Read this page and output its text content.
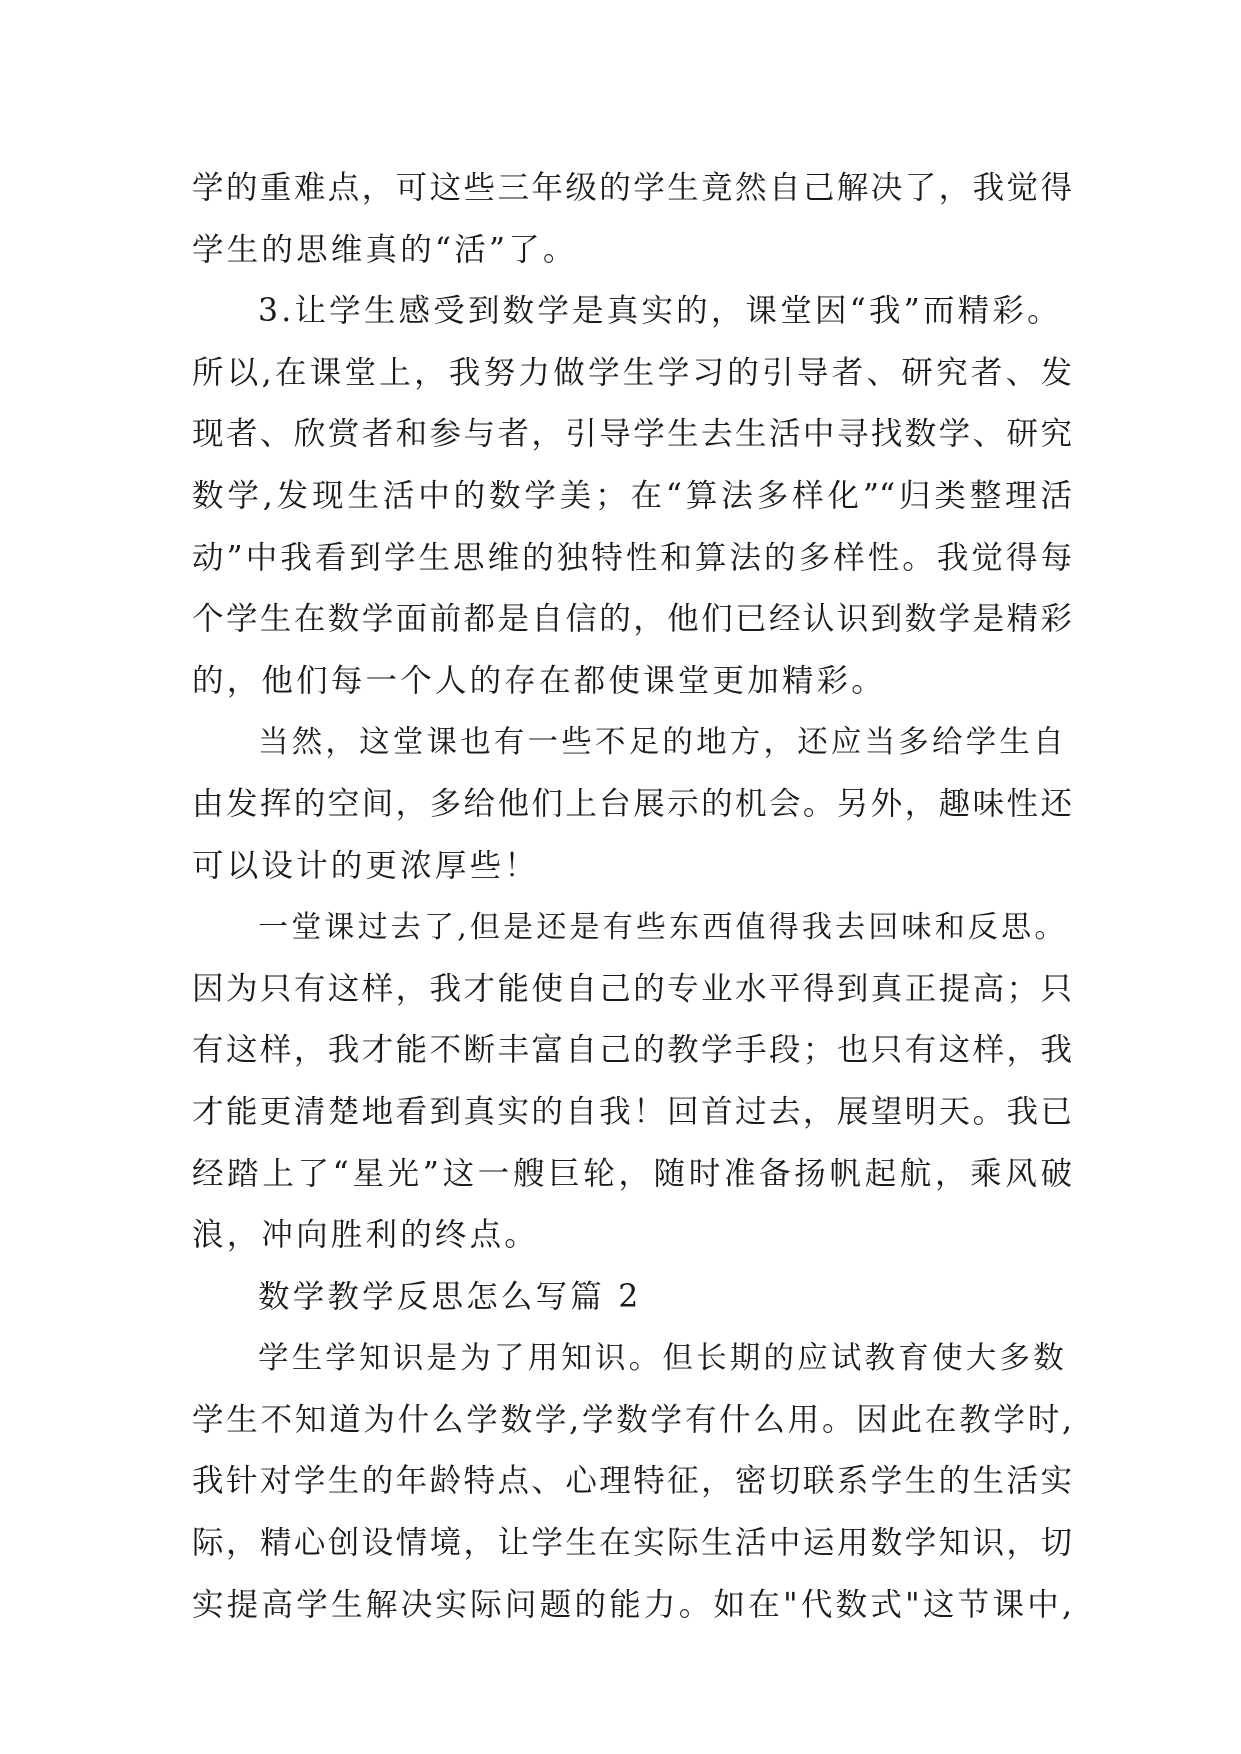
学的重难点，可这些三年级的学生竟然自己解决了，我觉得
学生的思维真的“活”了。
3.让学生感受到数学是真实的，课堂因“我”而精彩。
所以,在课堂上，我努力做学生学习的引导者、研究者、发
现者、欣赏者和参与者，引导学生去生活中寻找数学、研究
数学,发现生活中的数学美；在“算法多样化”“归类整理活
动”中我看到学生思维的独特性和算法的多样性。我觉得每
个学生在数学面前都是自信的，他们已经认识到数学是精彩
的，他们每一个人的存在都使课堂更加精彩。
当然，这堂课也有一些不足的地方，还应当多给学生自
由发挥的空间，多给他们上台展示的机会。另外，趣味性还
可以设计的更浓厚些！
一堂课过去了,但是还是有些东西值得我去回味和反思。
因为只有这样，我才能使自己的专业水平得到真正提高；只
有这样，我才能不断丰富自己的教学手段；也只有这样，我
才能更清楚地看到真实的自我！回首过去，展望明天。我已
经踏上了“星光”这一艘巨轮，随时准备扬帆起航，乘风破
浪，冲向胜利的终点。
数学教学反思怎么写篇 2
学生学知识是为了用知识。但长期的应试教育使大多数
学生不知道为什么学数学,学数学有什么用。因此在教学时,
我针对学生的年龄特点、心理特征，密切联系学生的生活实
际，精心创设情境，让学生在实际生活中运用数学知识，切
实提高学生解决实际问题的能力。如在"代数式"这节课中,
